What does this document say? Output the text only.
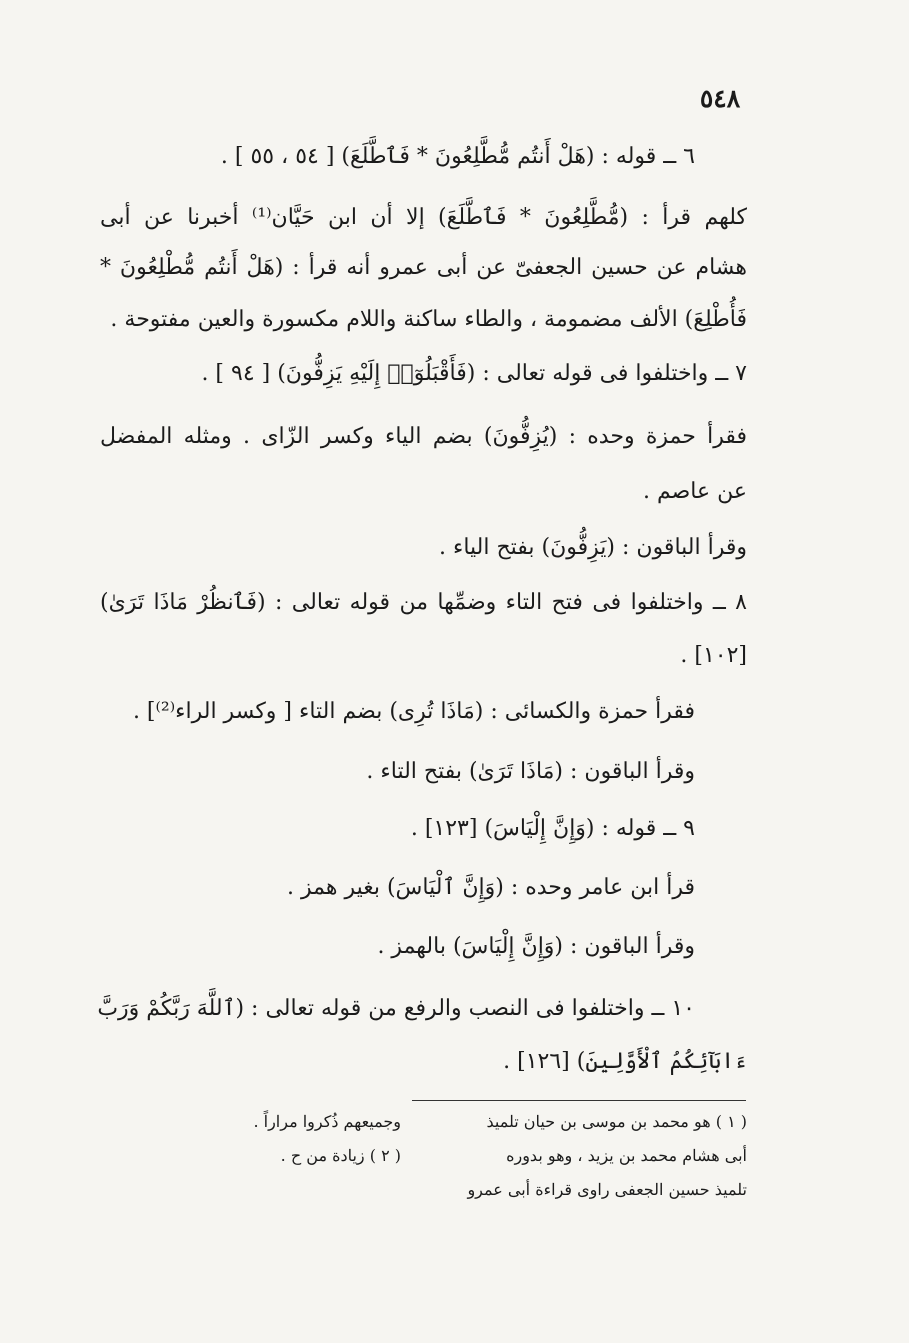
٥٤٨
٦ ــ قوله : (هَلْ أَنتُم مُّطَّلِعُونَ * فَٱطَّلَعَ) [ ٥٤ ، ٥٥ ] .
كلهم قرأ : (مُّطَّلِعُونَ * فَٱطَّلَعَ) إلا أن ابن حَيَّان⁽¹⁾ أخبرنا عن أبى
هشام عن حسين الجعفىّ عن أبى عمرو أنه قرأ : (هَلْ أَنتُم مُّطْلِعُونَ *
فَأُطْلِعَ) الألف مضمومة ، والطاء ساكنة واللام مكسورة والعين مفتوحة .
٧ ــ واختلفوا فى قوله تعالى : (فَأَقْبَلُوٓا۟ إِلَيْهِ يَزِفُّونَ) [ ٩٤ ] .
فقرأ حمزة وحده : (يُزِفُّونَ) بضم الياء وكسر الزّاى . ومثله المفضل
عن عاصم .
وقرأ الباقون : (يَزِفُّونَ) بفتح الياء .
٨ ــ واختلفوا فى فتح التاء وضمِّها من قوله تعالى : (فَٱنظُرْ مَاذَا تَرَىٰ)
[١٠٢] .
فقرأ حمزة والكسائى : (مَاذَا تُرِى) بضم التاء [ وكسر الراء⁽²⁾] .
وقرأ الباقون : (مَاذَا تَرَىٰ) بفتح التاء .
٩ ــ قوله : (وَإِنَّ إِلْيَاسَ) [١٢٣] .
قرأ ابن عامر وحده : (وَإِنَّ ٱلْيَاسَ) بغير همز .
وقرأ الباقون : (وَإِنَّ إِلْيَاسَ) بالهمز .
١٠ ــ واختلفوا فى النصب والرفع من قوله تعالى : (ٱللَّهَ رَبَّكُمْ وَرَبَّ
ءَابَآئِكُمُ ٱلْأَوَّلِينَ) [١٢٦] .
( ١ ) هو محمد بن موسى بن حيان تلميذ
أبى هشام محمد بن يزيد ، وهو بدوره
تلميذ حسين الجعفى راوى قراءة أبى عمرو
وجميعهم ذُكروا مراراً .
( ٢ ) زيادة من ح .
